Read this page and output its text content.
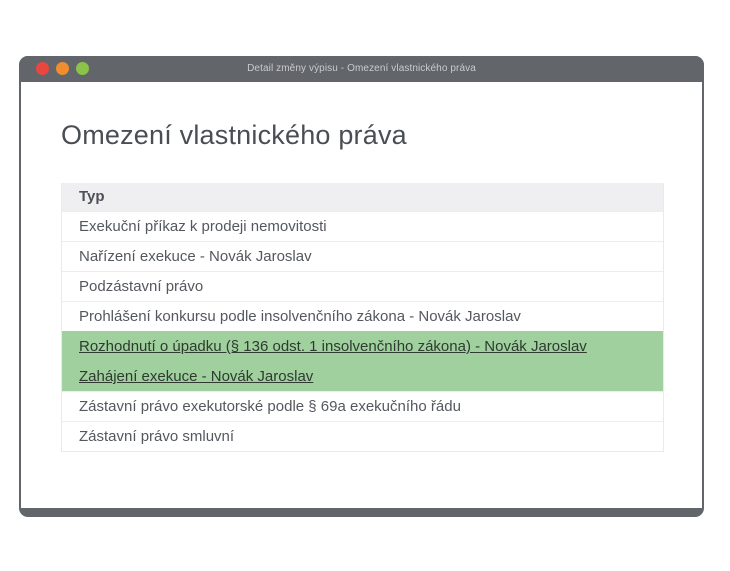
Detail změny výpisu - Omezení vlastnického práva
Omezení vlastnického práva
Typ
Exekuční příkaz k prodeji nemovitosti
Nařízení exekuce - Novák Jaroslav
Podzástavní právo
Prohlášení konkursu podle insolvenčního zákona - Novák Jaroslav
Rozhodnutí o úpadku (§ 136 odst. 1 insolvenčního zákona) - Novák Jaroslav
Zahájení exekuce - Novák Jaroslav
Zástavní právo exekutorské podle § 69a exekučního řádu
Zástavní právo smluvní
